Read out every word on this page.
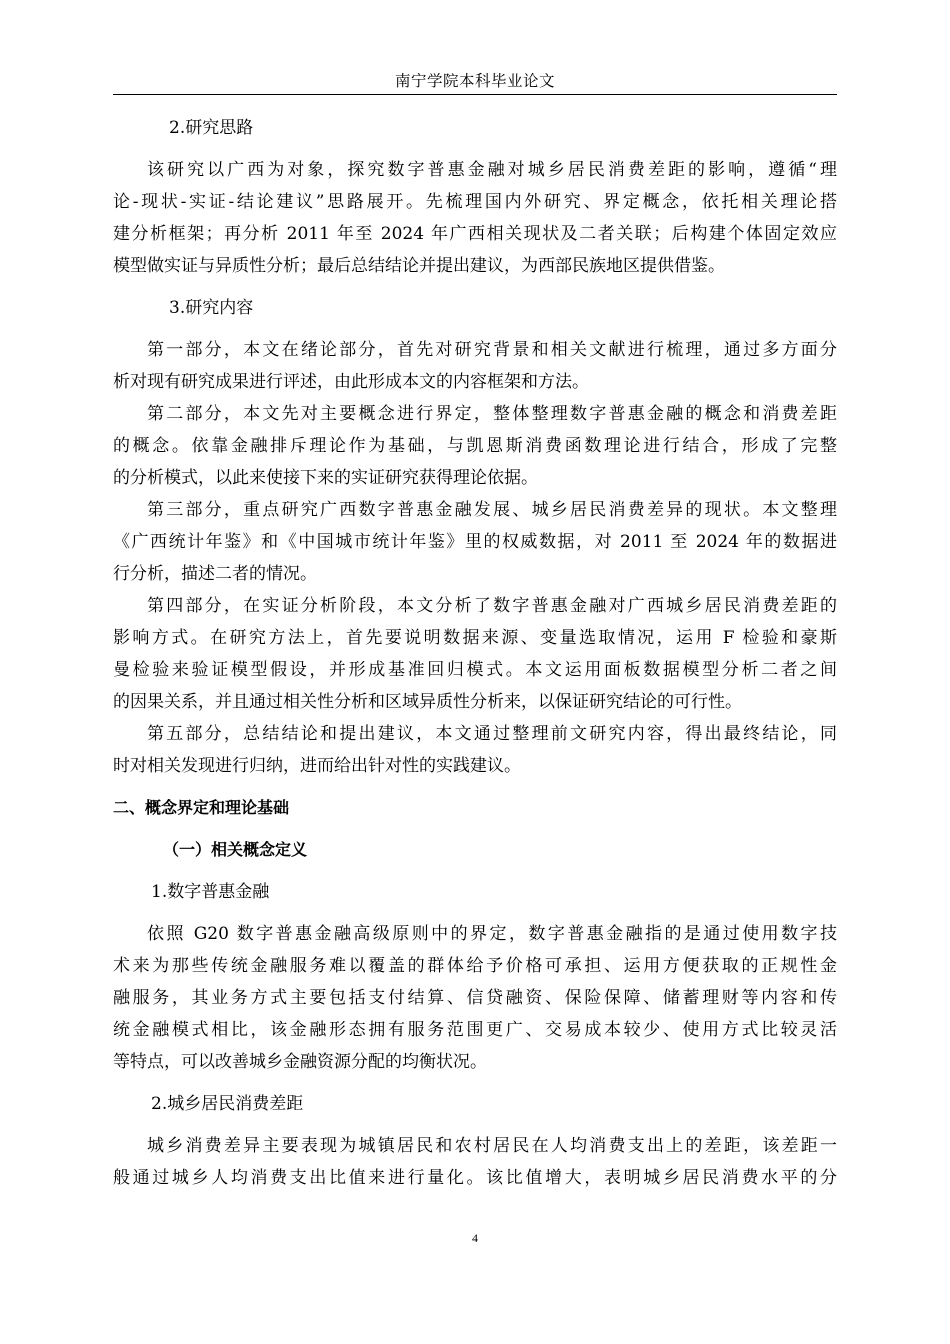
南宁学院本科毕业论文
2.研究思路
该研究以广西为对象，探究数字普惠金融对城乡居民消费差距的影响，遵循“理
论-现状-实证-结论建议”思路展开。先梳理国内外研究、界定概念，依托相关理论搭
建分析框架；再分析 2011 年至 2024 年广西相关现状及二者关联；后构建个体固定效应
模型做实证与异质性分析；最后总结结论并提出建议，为西部民族地区提供借鉴。
3.研究内容
第一部分，本文在绪论部分，首先对研究背景和相关文献进行梳理，通过多方面分
析对现有研究成果进行评述，由此形成本文的内容框架和方法。
第二部分，本文先对主要概念进行界定，整体整理数字普惠金融的概念和消费差距
的概念。依靠金融排斥理论作为基础，与凯恩斯消费函数理论进行结合，形成了完整
的分析模式，以此来使接下来的实证研究获得理论依据。
第三部分，重点研究广西数字普惠金融发展、城乡居民消费差异的现状。本文整理
《广西统计年鉴》和《中国城市统计年鉴》里的权威数据，对 2011 至 2024 年的数据进
行分析，描述二者的情况。
第四部分，在实证分析阶段，本文分析了数字普惠金融对广西城乡居民消费差距的
影响方式。在研究方法上，首先要说明数据来源、变量选取情况，运用 F 检验和豪斯
曼检验来验证模型假设，并形成基准回归模式。本文运用面板数据模型分析二者之间
的因果关系，并且通过相关性分析和区域异质性分析来，以保证研究结论的可行性。
第五部分，总结结论和提出建议，本文通过整理前文研究内容，得出最终结论，同
时对相关发现进行归纳，进而给出针对性的实践建议。
二、概念界定和理论基础
（一）相关概念定义
1.数字普惠金融
依照 G20 数字普惠金融高级原则中的界定，数字普惠金融指的是通过使用数字技
术来为那些传统金融服务难以覆盖的群体给予价格可承担、运用方便获取的正规性金
融服务，其业务方式主要包括支付结算、信贷融资、保险保障、储蓄理财等内容和传
统金融模式相比，该金融形态拥有服务范围更广、交易成本较少、使用方式比较灵活
等特点，可以改善城乡金融资源分配的均衡状况。
2.城乡居民消费差距
城乡消费差异主要表现为城镇居民和农村居民在人均消费支出上的差距，该差距一
般通过城乡人均消费支出比值来进行量化。该比值增大，表明城乡居民消费水平的分
4
